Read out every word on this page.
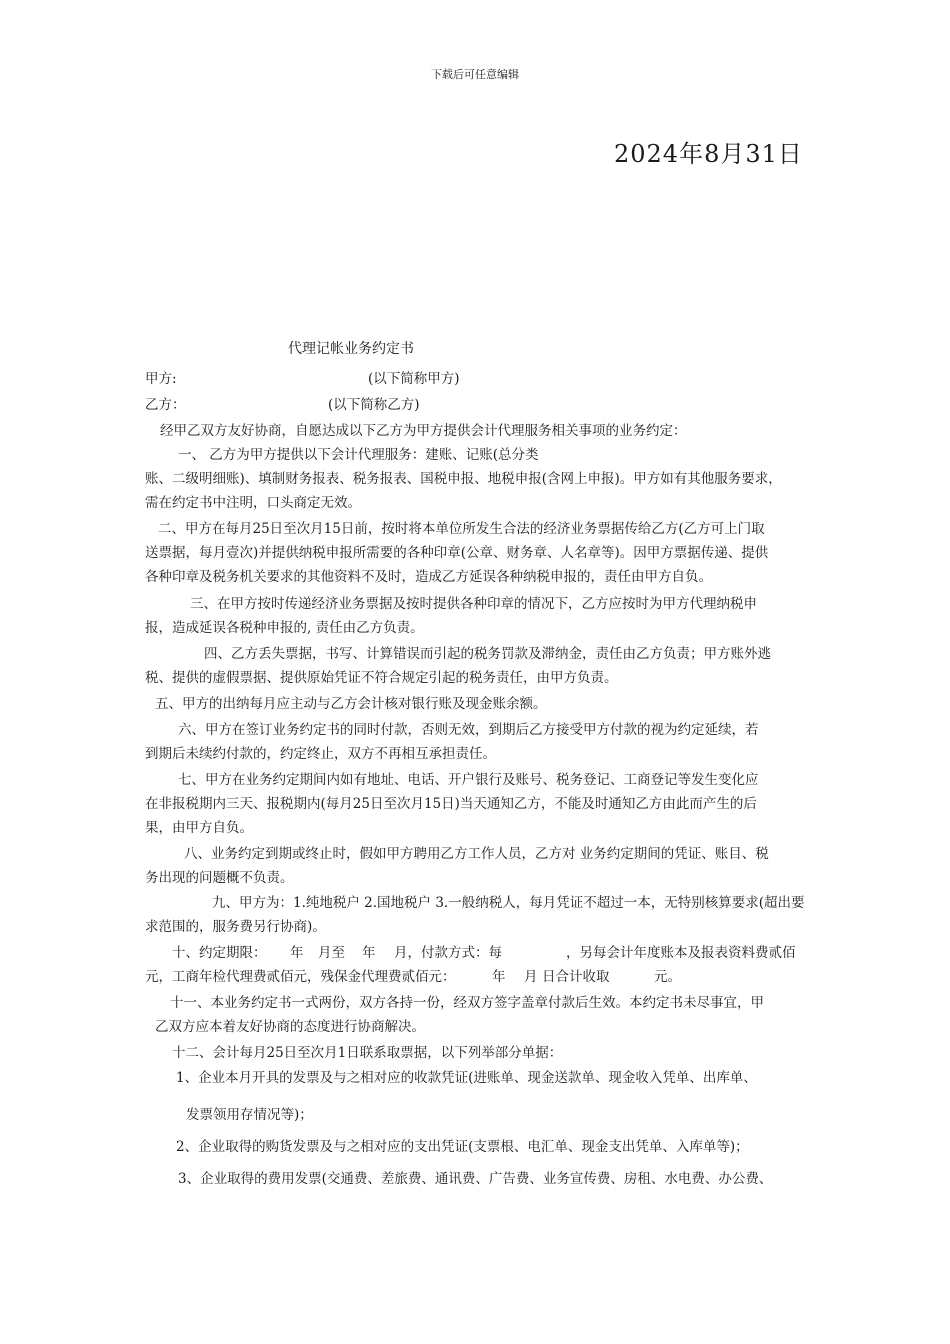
下载后可任意编辑
2024年8月31日
代理记帐业务约定书
甲方:	(以下简称甲方)
乙方：	(以下简称乙方)
经甲乙双方友好协商，自愿达成以下乙方为甲方提供会计代理服务相关事项的业务约定：
一、 乙方为甲方提供以下会计代理服务：建账、记账(总分类
账、二级明细账)、填制财务报表、税务报表、国税申报、地税申报(含网上申报)。甲方如有其他服务要求，
需在约定书中注明，口头商定无效。
二、甲方在每月25日至次月15日前，按时将本单位所发生合法的经济业务票据传给乙方(乙方可上门取
送票据，每月壹次)并提供纳税申报所需要的各种印章(公章、财务章、人名章等)。因甲方票据传递、提供
各种印章及税务机关要求的其他资料不及时，造成乙方延误各种纳税申报的，责任由甲方自负。
三、在甲方按时传递经济业务票据及按时提供各种印章的情况下，乙方应按时为甲方代理纳税申
报，造成延误各税种申报的, 责任由乙方负责。
四、乙方丢失票据，书写、计算错误而引起的税务罚款及滞纳金，责任由乙方负责；甲方账外逃
税、提供的虚假票据、提供原始凭证不符合规定引起的税务责任，由甲方负责。
五、甲方的出纳每月应主动与乙方会计核对银行账及现金账余额。
六、甲方在签订业务约定书的同时付款，否则无效，到期后乙方接受甲方付款的视为约定延续，若
到期后未续约付款的，约定终止，双方不再相互承担责任。
七、甲方在业务约定期间内如有地址、电话、开户银行及账号、税务登记、工商登记等发生变化应
在非报税期内三天、报税期内(每月25日至次月15日)当天通知乙方，不能及时通知乙方由此而产生的后
果，由甲方自负。
八、业务约定到期或终止时，假如甲方聘用乙方工作人员，乙方对 业务约定期间的凭证、账目、税
务出现的问题概不负责。
九、甲方为：1.纯地税户 2.国地税户 3.一般纳税人，每月凭证不超过一本，无特别核算要求(超出要
求范围的，服务费另行协商)。
十、约定期限： 年 月至 年 月，付款方式：每	，另每会计年度账本及报表资料费贰佰
元，工商年检代理费贰佰元，残保金代理费贰佰元：	年 月 日合计收取	元。
十一、本业务约定书一式两份，双方各持一份，经双方签字盖章付款后生效。本约定书未尽事宜，甲
乙双方应本着友好协商的态度进行协商解决。
十二、会计每月25日至次月1日联系取票据，以下列举部分单据：
1、企业本月开具的发票及与之相对应的收款凭证(进账单、现金送款单、现金收入凭单、出库单、
发票领用存情况等)；
2、企业取得的购货发票及与之相对应的支出凭证(支票根、电汇单、现金支出凭单、入库单等)；
3、企业取得的费用发票(交通费、差旅费、通讯费、广告费、业务宣传费、房租、水电费、办公费、
